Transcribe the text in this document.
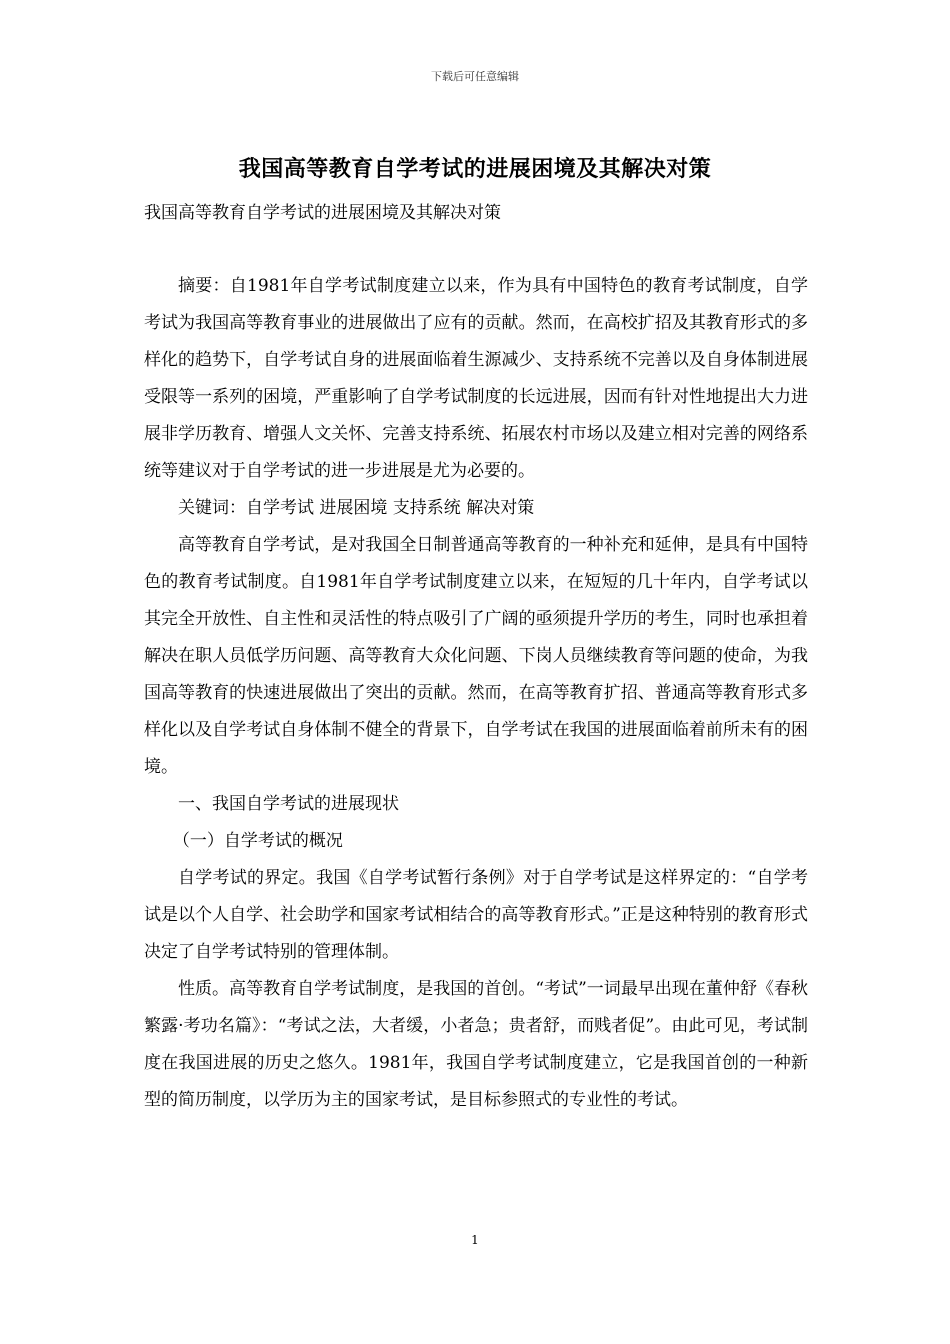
下载后可任意编辑
我国高等教育自学考试的进展困境及其解决对策
我国高等教育自学考试的进展困境及其解决对策

摘要：自1981年自学考试制度建立以来，作为具有中国特色的教育考试制度，自学考试为我国高等教育事业的进展做出了应有的贡献。然而，在高校扩招及其教育形式的多样化的趋势下，自学考试自身的进展面临着生源减少、支持系统不完善以及自身体制进展受限等一系列的困境，严重影响了自学考试制度的长远进展，因而有针对性地提出大力进展非学历教育、增强人文关怀、完善支持系统、拓展农村市场以及建立相对完善的网络系统等建议对于自学考试的进一步进展是尤为必要的。

关键词：自学考试 进展困境 支持系统 解决对策

高等教育自学考试，是对我国全日制普通高等教育的一种补充和延伸，是具有中国特色的教育考试制度。自1981年自学考试制度建立以来，在短短的几十年内，自学考试以其完全开放性、自主性和灵活性的特点吸引了广阔的亟须提升学历的考生，同时也承担着解决在职人员低学历问题、高等教育大众化问题、下岗人员继续教育等问题的使命，为我国高等教育的快速进展做出了突出的贡献。然而，在高等教育扩招、普通高等教育形式多样化以及自学考试自身体制不健全的背景下，自学考试在我国的进展面临着前所未有的困境。

一、我国自学考试的进展现状

（一）自学考试的概况

自学考试的界定。我国《自学考试暂行条例》对于自学考试是这样界定的：“自学考试是以个人自学、社会助学和国家考试相结合的高等教育形式。”正是这种特别的教育形式决定了自学考试特别的管理体制。

性质。高等教育自学考试制度，是我国的首创。“考试”一词最早出现在董仲舒《春秋繁露·考功名篇》：“考试之法，大者缓，小者急；贵者舒，而贱者促”。由此可见，考试制度在我国进展的历史之悠久。1981年，我国自学考试制度建立，它是我国首创的一种新型的简历制度，以学历为主的国家考试，是目标参照式的专业性的考试。

1
